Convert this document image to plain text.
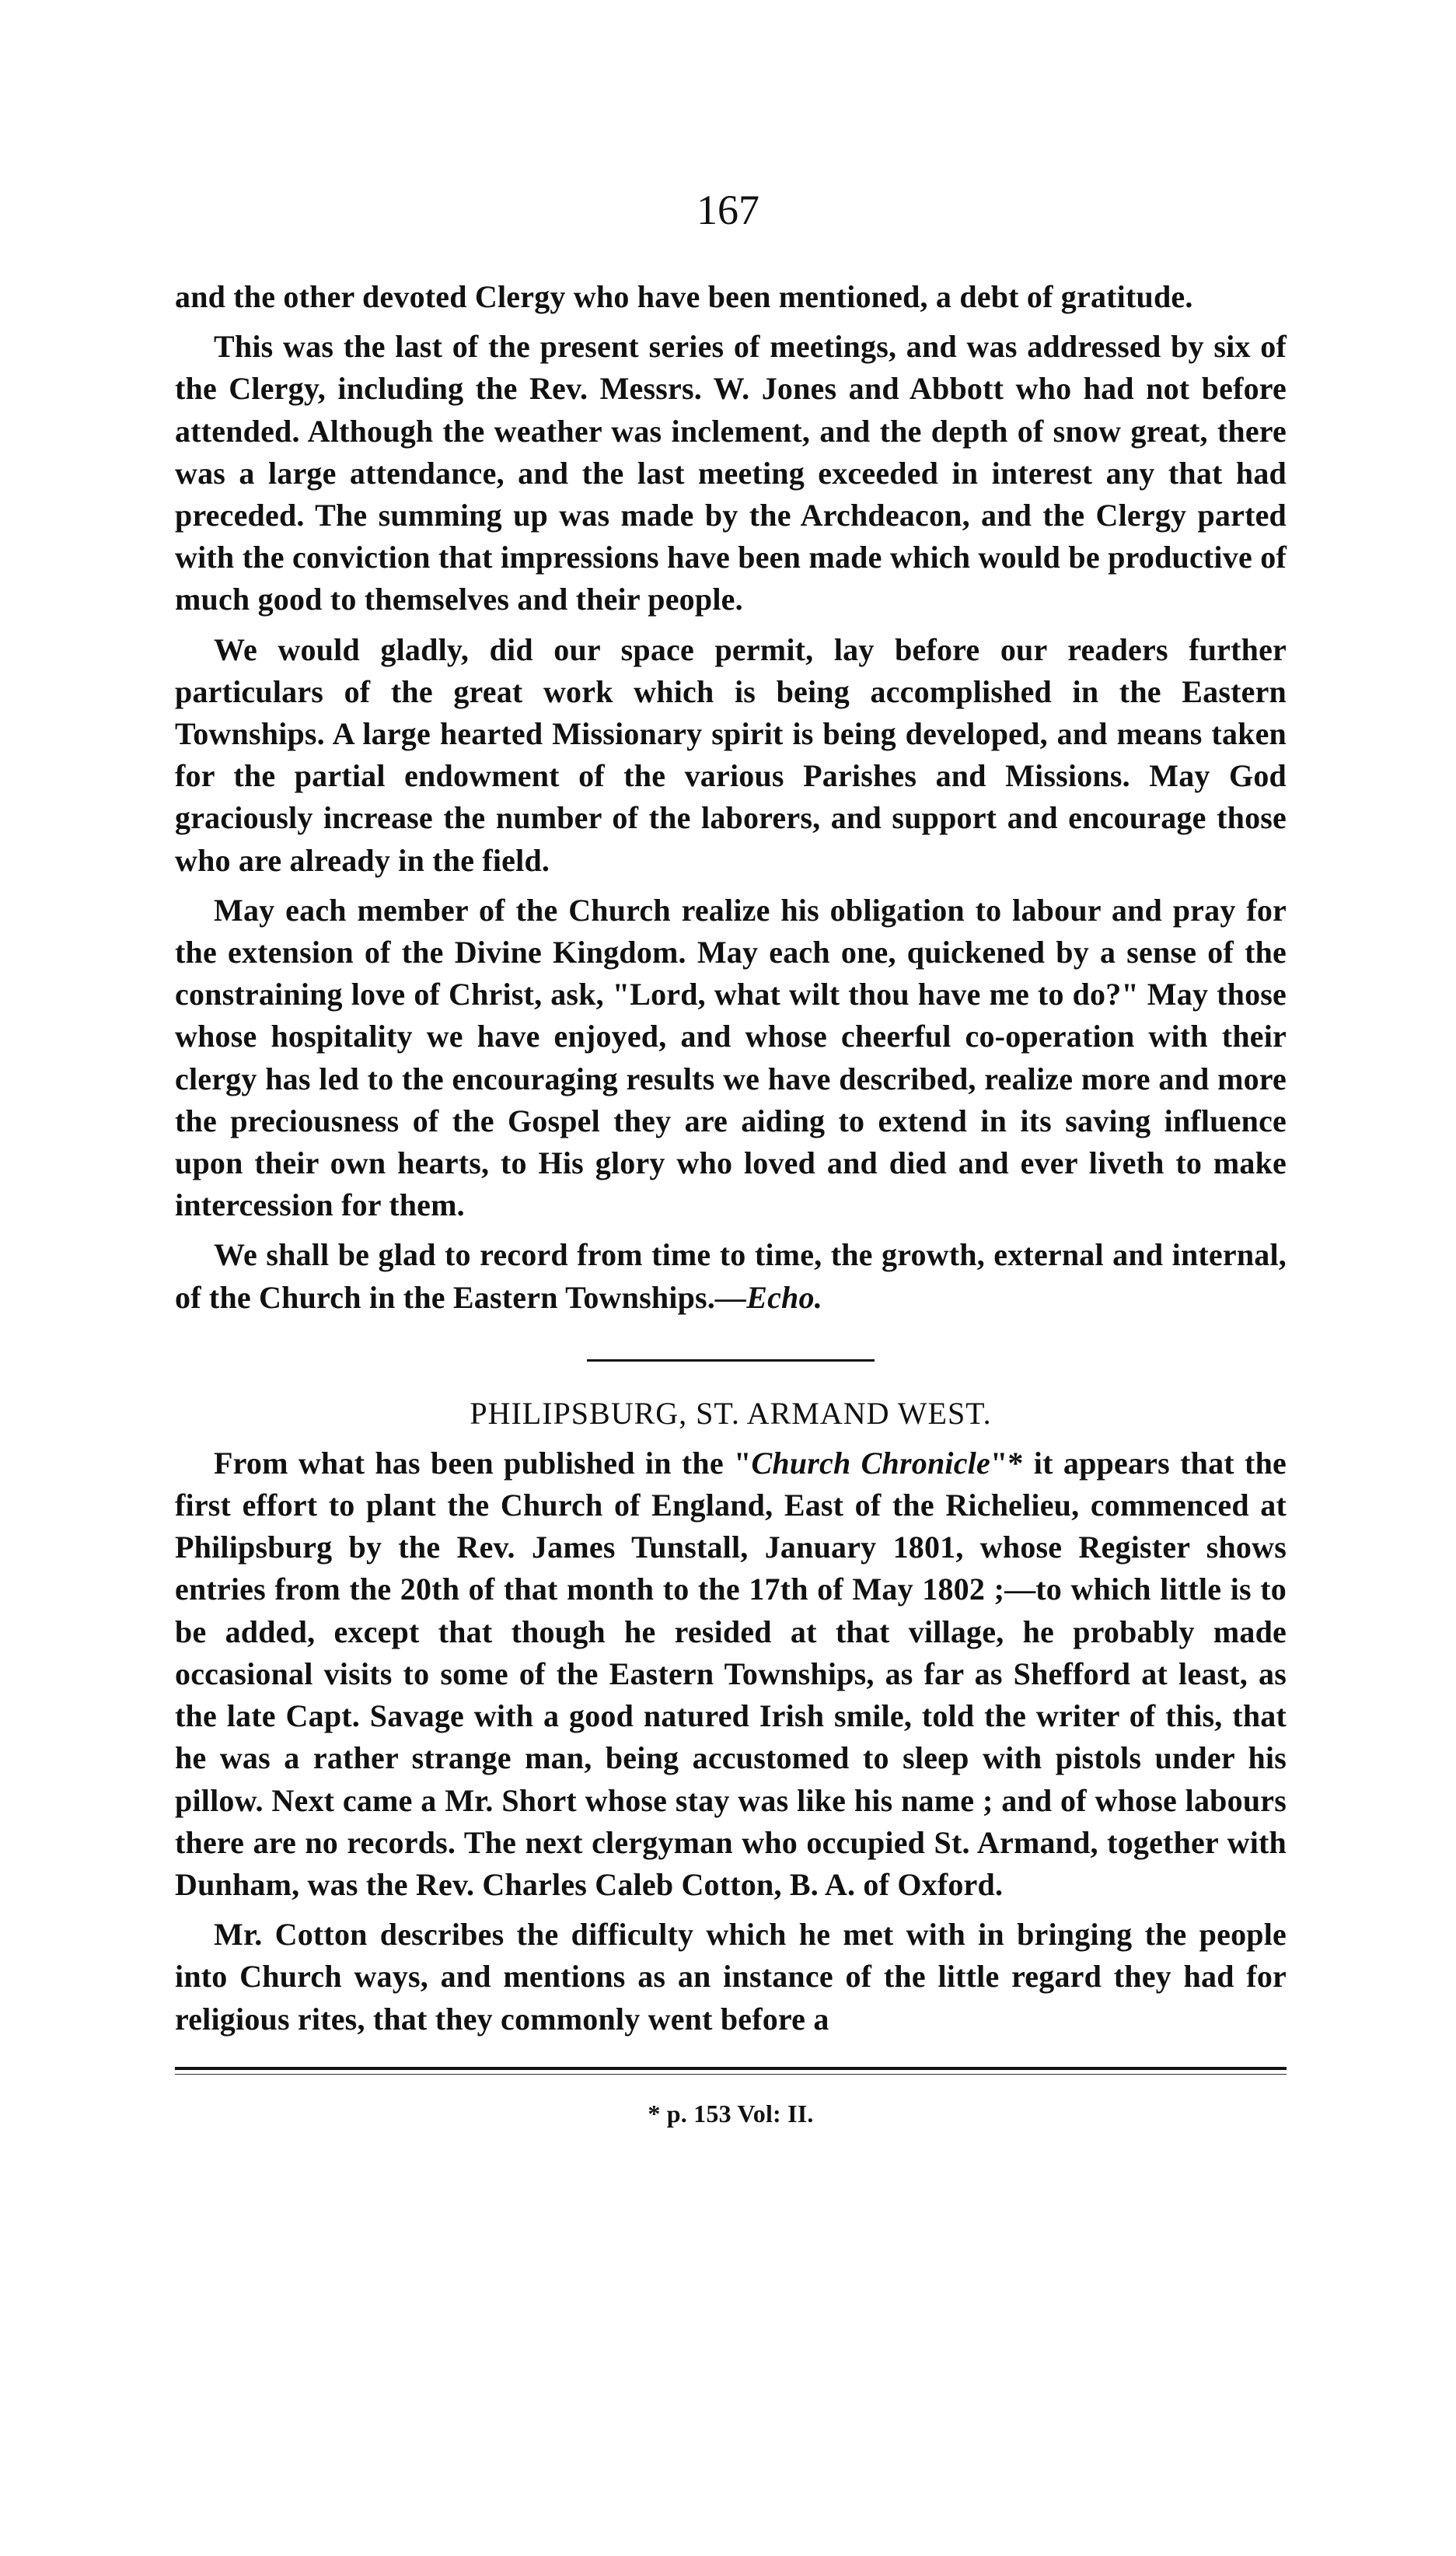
167

and the other devoted Clergy who have been mentioned, a debt of gratitude.

This was the last of the present series of meetings, and was addressed by six of the Clergy, including the Rev. Messrs. W. Jones and Abbott who had not before attended. Although the weather was inclement, and the depth of snow great, there was a large attendance, and the last meeting exceeded in interest any that had preceded. The summing up was made by the Archdeacon, and the Clergy parted with the conviction that impressions have been made which would be productive of much good to themselves and their people.

We would gladly, did our space permit, lay before our readers further particulars of the great work which is being accomplished in the Eastern Townships. A large hearted Missionary spirit is being developed, and means taken for the partial endowment of the various Parishes and Missions. May God graciously increase the number of the laborers, and support and encourage those who are already in the field.

May each member of the Church realize his obligation to labour and pray for the extension of the Divine Kingdom. May each one, quickened by a sense of the constraining love of Christ, ask, "Lord, what wilt thou have me to do?" May those whose hospitality we have enjoyed, and whose cheerful co-operation with their clergy has led to the encouraging results we have described, realize more and more the preciousness of the Gospel they are aiding to extend in its saving influence upon their own hearts, to His glory who loved and died and ever liveth to make intercession for them.

We shall be glad to record from time to time, the growth, external and internal, of the Church in the Eastern Townships.—Echo.

PHILIPSBURG, ST. ARMAND WEST.

From what has been published in the "Church Chronicle"* it appears that the first effort to plant the Church of England, East of the Richelieu, commenced at Philipsburg by the Rev. James Tunstall, January 1801, whose Register shows entries from the 20th of that month to the 17th of May 1802 ;—to which little is to be added, except that though he resided at that village, he probably made occasional visits to some of the Eastern Townships, as far as Shefford at least, as the late Capt. Savage with a good natured Irish smile, told the writer of this, that he was a rather strange man, being accustomed to sleep with pistols under his pillow. Next came a Mr. Short whose stay was like his name ; and of whose labours there are no records. The next clergyman who occupied St. Armand, together with Dunham, was the Rev. Charles Caleb Cotton, B. A. of Oxford.

Mr. Cotton describes the difficulty which he met with in bringing the people into Church ways, and mentions as an instance of the little regard they had for religious rites, that they commonly went before a

* p. 153 Vol: II.
